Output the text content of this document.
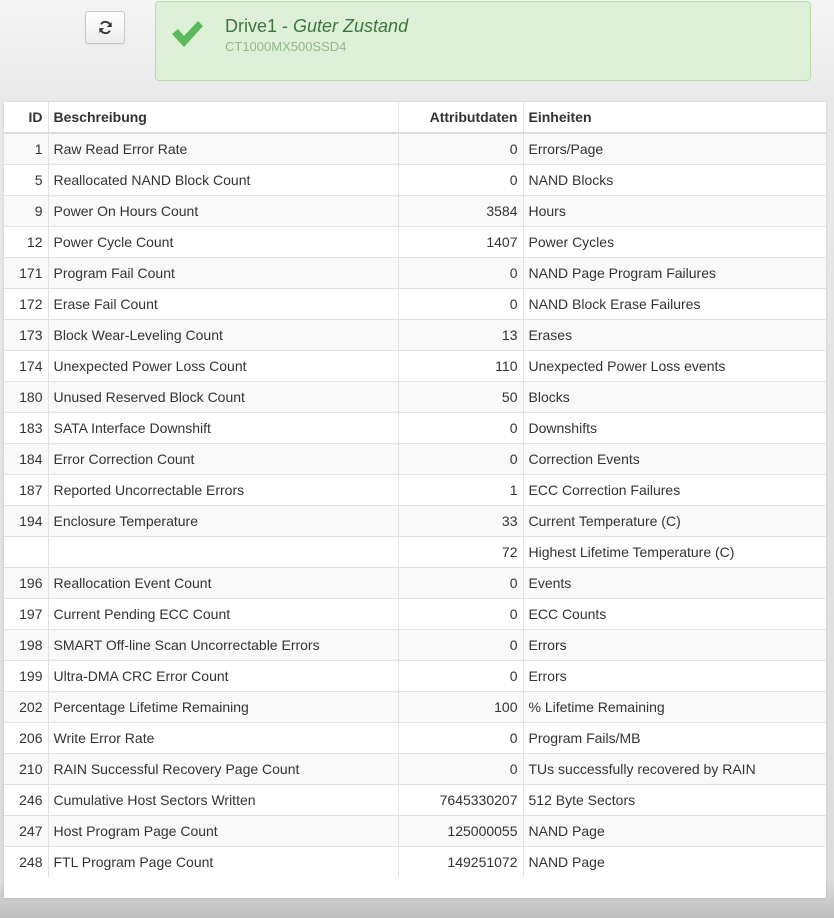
Drive1 - Guter Zustand
CT1000MX500SSD4
ID	Beschreibung	Attributdaten	Einheiten
1	Raw Read Error Rate	0	Errors/Page
5	Reallocated NAND Block Count	0	NAND Blocks
9	Power On Hours Count	3584	Hours
12	Power Cycle Count	1407	Power Cycles
171	Program Fail Count	0	NAND Page Program Failures
172	Erase Fail Count	0	NAND Block Erase Failures
173	Block Wear-Leveling Count	13	Erases
174	Unexpected Power Loss Count	110	Unexpected Power Loss events
180	Unused Reserved Block Count	50	Blocks
183	SATA Interface Downshift	0	Downshifts
184	Error Correction Count	0	Correction Events
187	Reported Uncorrectable Errors	1	ECC Correction Failures
194	Enclosure Temperature	33	Current Temperature (C)
		72	Highest Lifetime Temperature (C)
196	Reallocation Event Count	0	Events
197	Current Pending ECC Count	0	ECC Counts
198	SMART Off-line Scan Uncorrectable Errors	0	Errors
199	Ultra-DMA CRC Error Count	0	Errors
202	Percentage Lifetime Remaining	100	% Lifetime Remaining
206	Write Error Rate	0	Program Fails/MB
210	RAIN Successful Recovery Page Count	0	TUs successfully recovered by RAIN
246	Cumulative Host Sectors Written	7645330207	512 Byte Sectors
247	Host Program Page Count	125000055	NAND Page
248	FTL Program Page Count	149251072	NAND Page
